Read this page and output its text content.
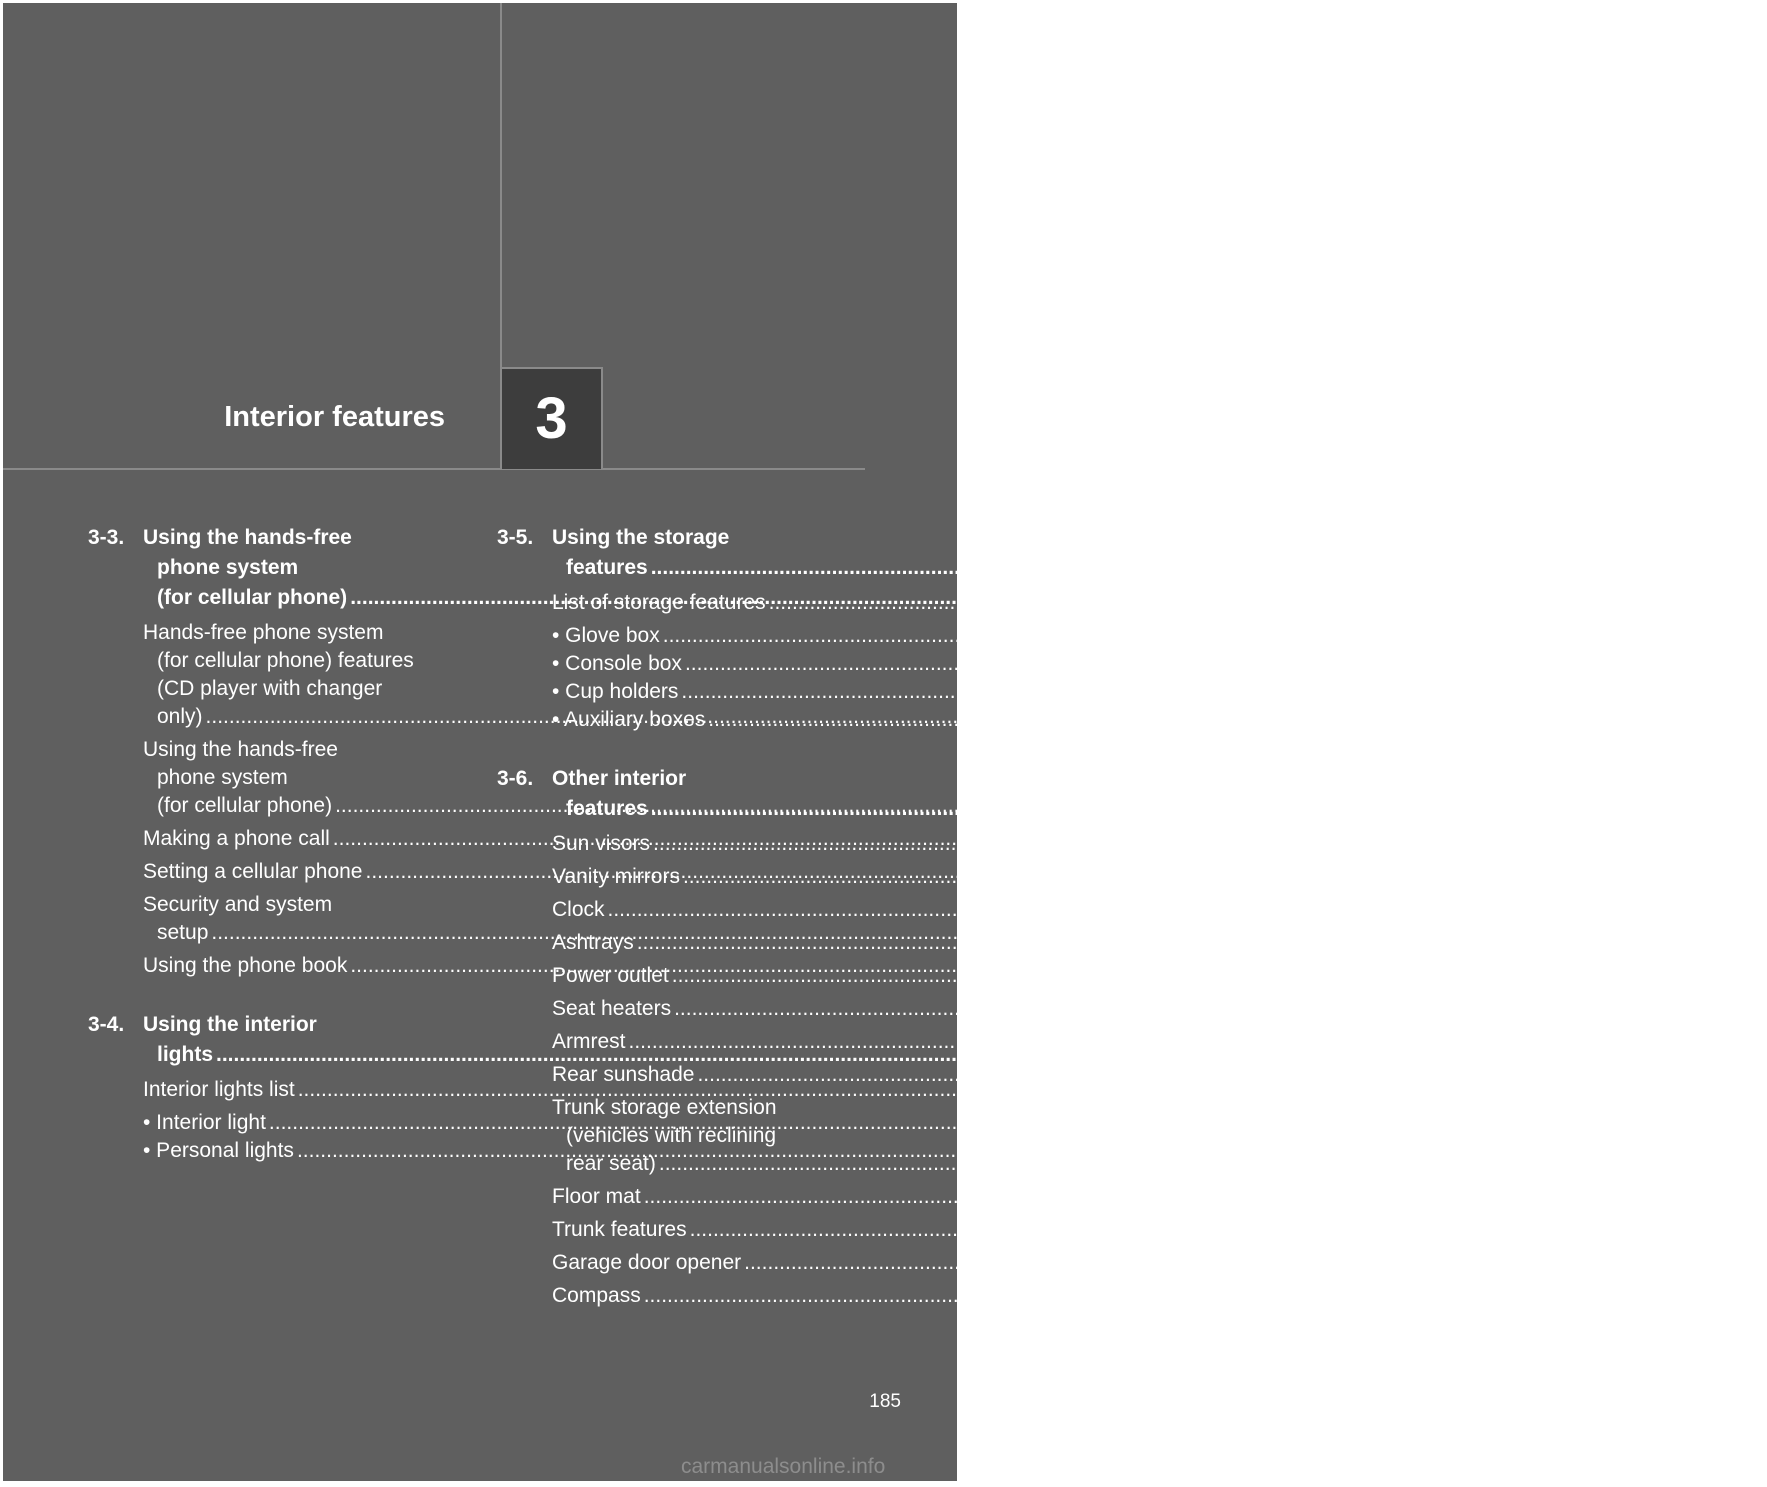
Interior features 3
3-3. Using the hands-free
phone system
(for cellular phone) .....	232
Hands-free phone system
(for cellular phone) features
(CD player with changer
only) .....	232
Using the hands-free
phone system
(for cellular phone) .....	235
Making a phone call .....	244
Setting a cellular phone .....	248
Security and system
setup .....	253
Using the phone book .....	257
3-4. Using the interior
lights .....	264
Interior lights list .....	264
• Interior light .....	265
• Personal lights .....	266
3-5. Using the storage
features .....	267
List of storage features .....	267
• Glove box .....	268
• Console box .....	268
• Cup holders .....	270
• Auxiliary boxes .....	272
3-6. Other interior
features .....	275
Sun visors .....	275
Vanity mirrors .....	276
Clock .....	277
Ashtrays .....	278
Power outlet .....	279
Seat heaters .....	281
Armrest .....	283
Rear sunshade .....	284
Trunk storage extension
(vehicles with reclining
rear seat) .....	285
Floor mat .....	286
Trunk features .....	287
Garage door opener .....	288
Compass .....	293
185
carmanualsonline.info
